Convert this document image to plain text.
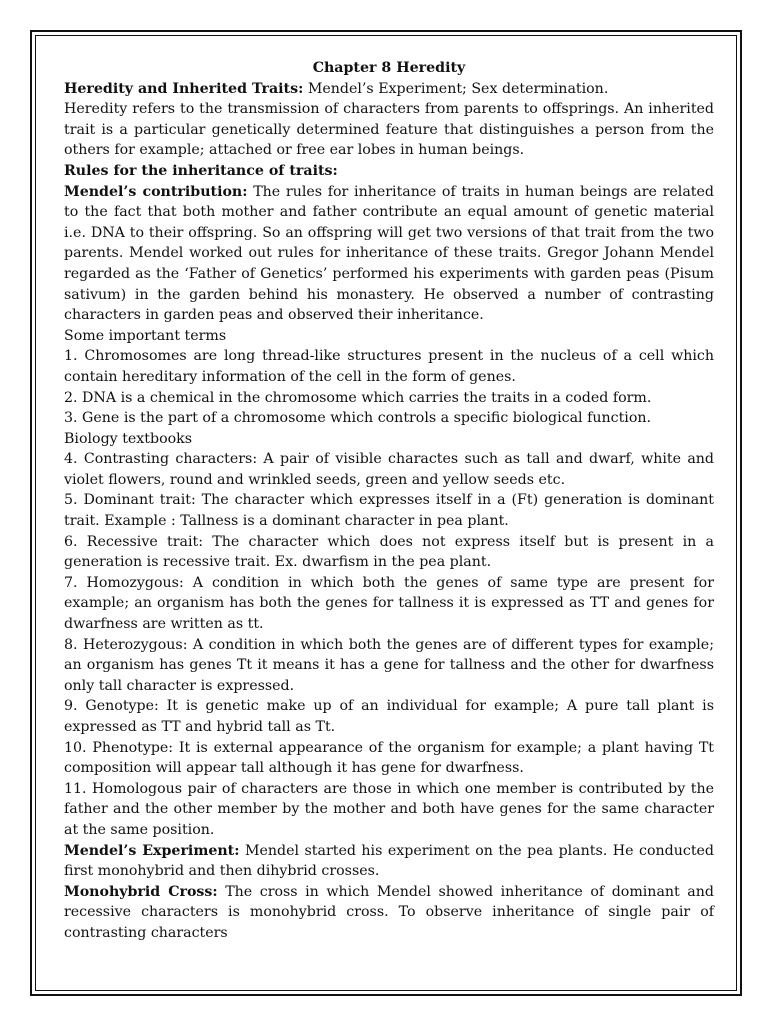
Chapter 8 Heredity

Heredity and Inherited Traits: Mendel’s Experiment; Sex determination.

Heredity refers to the transmission of characters from parents to offsprings. An inherited trait is a particular genetically determined feature that distinguishes a person from the others for example; attached or free ear lobes in human beings.

Rules for the inheritance of traits:

Mendel’s contribution: The rules for inheritance of traits in human beings are related to the fact that both mother and father contribute an equal amount of genetic material i.e. DNA to their offspring. So an offspring will get two versions of that trait from the two parents. Mendel worked out rules for inheritance of these traits. Gregor Johann Mendel regarded as the ‘Father of Genetics’ performed his experiments with garden peas (Pisum sativum) in the garden behind his monastery. He observed a number of contrasting characters in garden peas and observed their inheritance.

Some important terms

1. Chromosomes are long thread-like structures present in the nucleus of a cell which contain hereditary information of the cell in the form of genes.

2. DNA is a chemical in the chromosome which carries the traits in a coded form.

3. Gene is the part of a chromosome which controls a specific biological function.

Biology textbooks

4. Contrasting characters: A pair of visible charactes such as tall and dwarf, white and violet flowers, round and wrinkled seeds, green and yellow seeds etc.

5. Dominant trait: The character which expresses itself in a (Ft) generation is dominant trait. Example : Tallness is a dominant character in pea plant.

6. Recessive trait: The character which does not express itself but is present in a generation is recessive trait. Ex. dwarfism in the pea plant.

7. Homozygous: A condition in which both the genes of same type are present for example; an organism has both the genes for tallness it is expressed as TT and genes for dwarfness are written as tt.

8. Heterozygous: A condition in which both the genes are of different types for example; an organism has genes Tt it means it has a gene for tallness and the other for dwarfness only tall character is expressed.

9. Genotype: It is genetic make up of an individual for example; A pure tall plant is expressed as TT and hybrid tall as Tt.

10. Phenotype: It is external appearance of the organism for example; a plant having Tt composition will appear tall although it has gene for dwarfness.

11. Homologous pair of characters are those in which one member is contributed by the father and the other member by the mother and both have genes for the same character at the same position.

Mendel’s Experiment: Mendel started his experiment on the pea plants. He conducted first monohybrid and then dihybrid crosses.

Monohybrid Cross: The cross in which Mendel showed inheritance of dominant and recessive characters is monohybrid cross. To observe inheritance of single pair of contrasting characters
